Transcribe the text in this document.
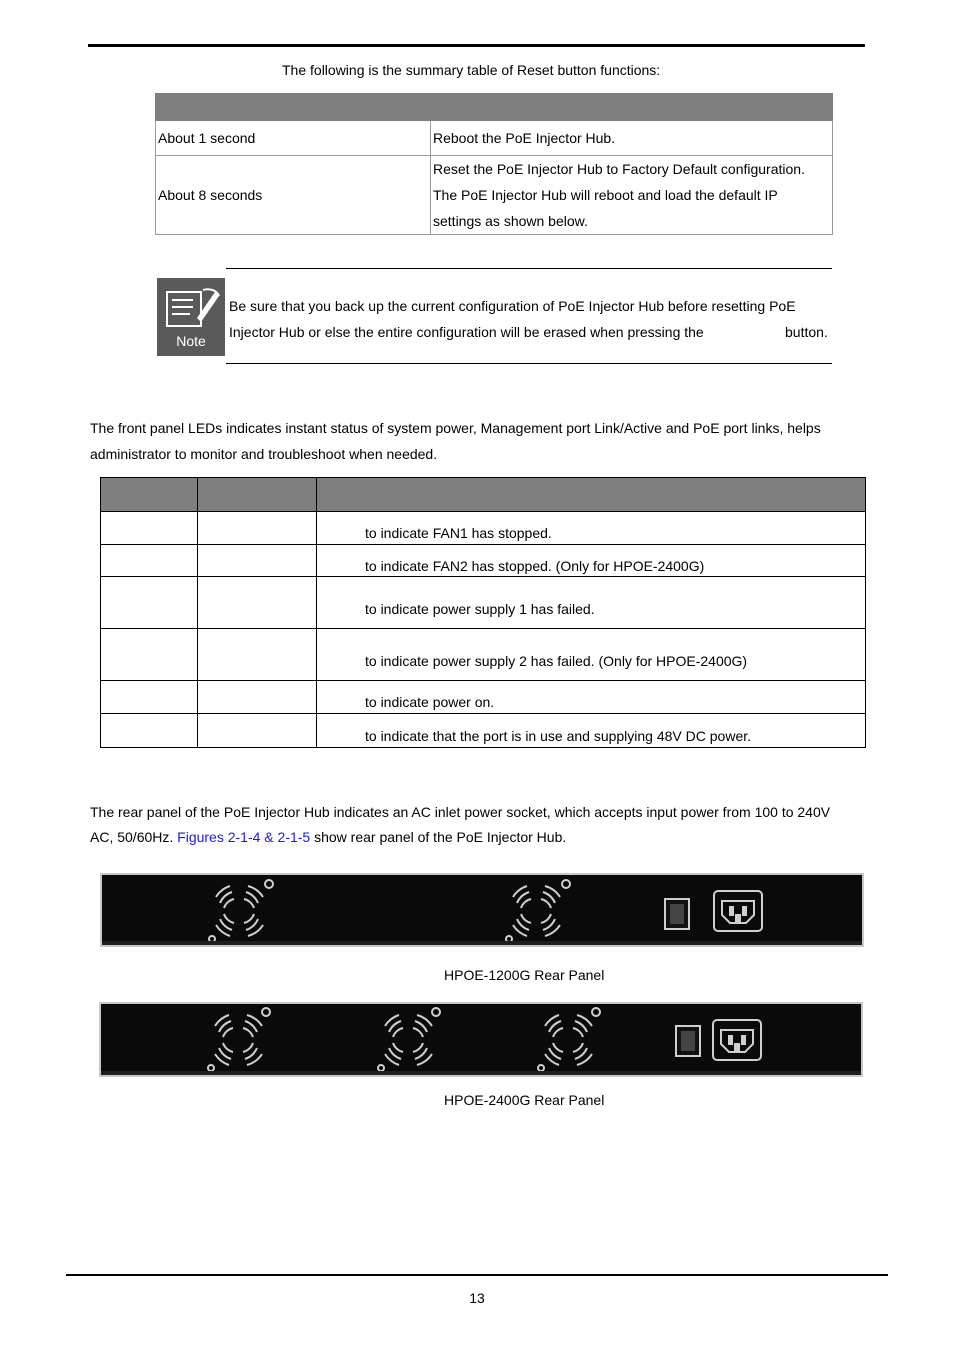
The following is the summary table of Reset button functions:

About 1 second	Reboot the PoE Injector Hub.
About 8 seconds	Reset the PoE Injector Hub to Factory Default configuration.
The PoE Injector Hub will reboot and load the default IP
settings as shown below.
Note
Be sure that you back up the current configuration of PoE Injector Hub before resetting PoE
Injector Hub or else the entire configuration will be erased when pressing the	button.
The front panel LEDs indicates instant status of system power, Management port Link/Active and PoE port links, helps
administrator to monitor and troubleshoot when needed.

		to indicate FAN1 has stopped.
		to indicate FAN2 has stopped. (Only for HPOE-2400G)
		to indicate power supply 1 has failed.
		to indicate power supply 2 has failed. (Only for HPOE-2400G)
		to indicate power on.
		to indicate that the port is in use and supplying 48V DC power.
The rear panel of the PoE Injector Hub indicates an AC inlet power socket, which accepts input power from 100 to 240V
AC, 50/60Hz. Figures 2-1-4 & 2-1-5 show rear panel of the PoE Injector Hub.
HPOE-1200G Rear Panel
HPOE-2400G Rear Panel
13
